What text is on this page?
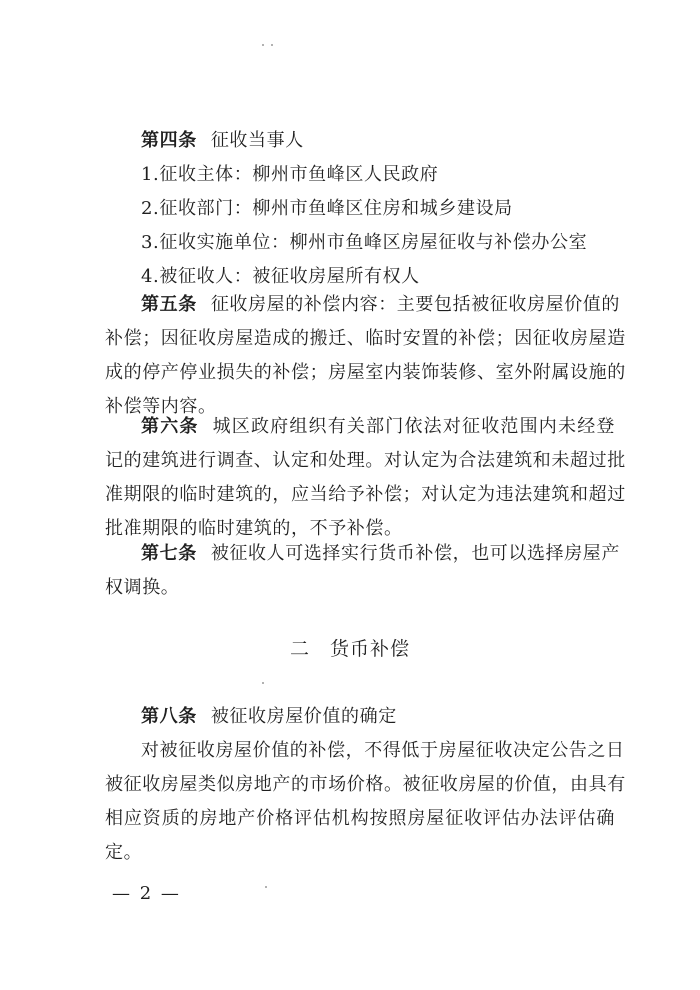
第四条 征收当事人
1.征收主体：柳州市鱼峰区人民政府
2.征收部门：柳州市鱼峰区住房和城乡建设局
3.征收实施单位：柳州市鱼峰区房屋征收与补偿办公室
4.被征收人：被征收房屋所有权人
第五条 征收房屋的补偿内容：主要包括被征收房屋价值的
补偿；因征收房屋造成的搬迁、临时安置的补偿；因征收房屋造
成的停产停业损失的补偿；房屋室内装饰装修、室外附属设施的
补偿等内容。
第六条 城区政府组织有关部门依法对征收范围内未经登
记的建筑进行调查、认定和处理。对认定为合法建筑和未超过批
准期限的临时建筑的，应当给予补偿；对认定为违法建筑和超过
批准期限的临时建筑的，不予补偿。
第七条 被征收人可选择实行货币补偿，也可以选择房屋产
权调换。
二　货币补偿
第八条 被征收房屋价值的确定
对被征收房屋价值的补偿，不得低于房屋征收决定公告之日
被征收房屋类似房地产的市场价格。被征收房屋的价值，由具有
相应资质的房地产价格评估机构按照房屋征收评估办法评估确
定。
— 2 —
